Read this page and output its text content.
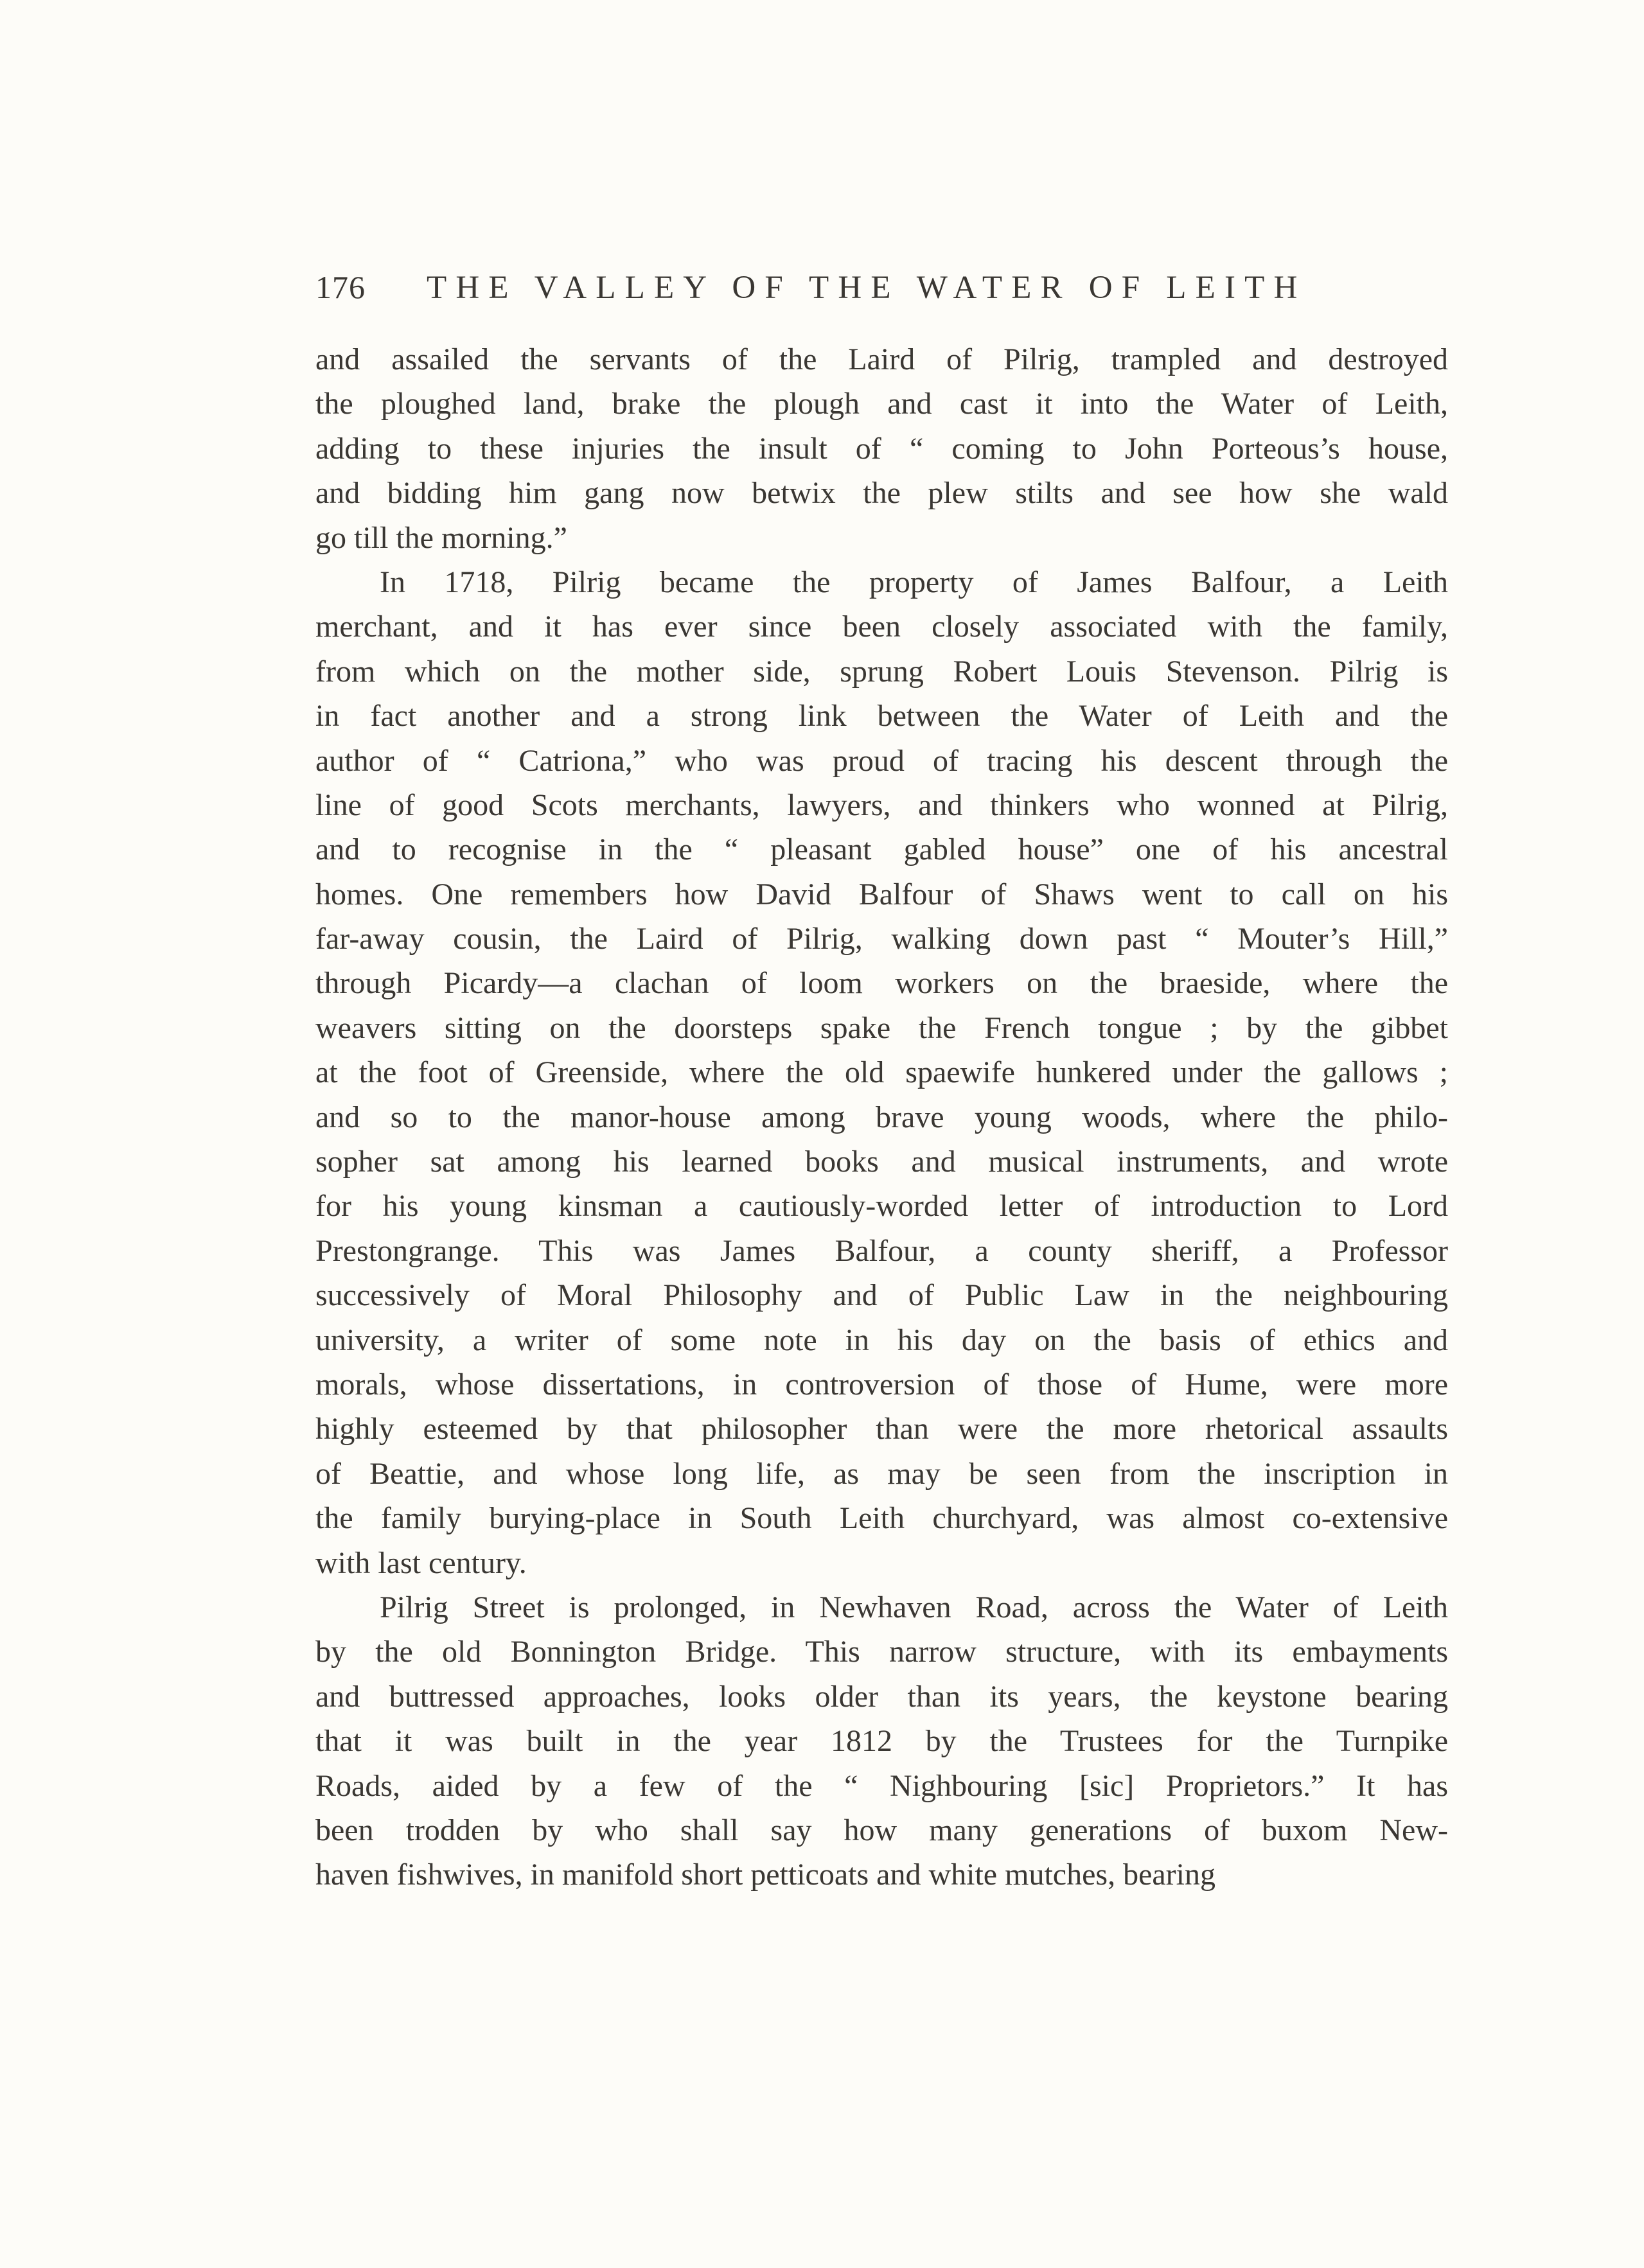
176 THE VALLEY OF THE WATER OF LEITH
and assailed the servants of the Laird of Pilrig, trampled and destroyed
the ploughed land, brake the plough and cast it into the Water of Leith,
adding to these injuries the insult of “ coming to John Porteous’s house,
and bidding him gang now betwix the plew stilts and see how she wald
go till the morning.”
In 1718, Pilrig became the property of James Balfour, a Leith
merchant, and it has ever since been closely associated with the family,
from which on the mother side, sprung Robert Louis Stevenson. Pilrig is
in fact another and a strong link between the Water of Leith and the
author of “ Catriona,” who was proud of tracing his descent through the
line of good Scots merchants, lawyers, and thinkers who wonned at Pilrig,
and to recognise in the “ pleasant gabled house” one of his ancestral
homes. One remembers how David Balfour of Shaws went to call on his
far-away cousin, the Laird of Pilrig, walking down past “ Mouter’s Hill,”
through Picardy—a clachan of loom workers on the braeside, where the
weavers sitting on the doorsteps spake the French tongue ; by the gibbet
at the foot of Greenside, where the old spaewife hunkered under the gallows ;
and so to the manor-house among brave young woods, where the philo-
sopher sat among his learned books and musical instruments, and wrote
for his young kinsman a cautiously-worded letter of introduction to Lord
Prestongrange. This was James Balfour, a county sheriff, a Professor
successively of Moral Philosophy and of Public Law in the neighbouring
university, a writer of some note in his day on the basis of ethics and
morals, whose dissertations, in controversion of those of Hume, were more
highly esteemed by that philosopher than were the more rhetorical assaults
of Beattie, and whose long life, as may be seen from the inscription in
the family burying-place in South Leith churchyard, was almost co-extensive
with last century.
Pilrig Street is prolonged, in Newhaven Road, across the Water of Leith
by the old Bonnington Bridge. This narrow structure, with its embayments
and buttressed approaches, looks older than its years, the keystone bearing
that it was built in the year 1812 by the Trustees for the Turnpike
Roads, aided by a few of the “ Nighbouring [sic] Proprietors.” It has
been trodden by who shall say how many generations of buxom New-
haven fishwives, in manifold short petticoats and white mutches, bearing
